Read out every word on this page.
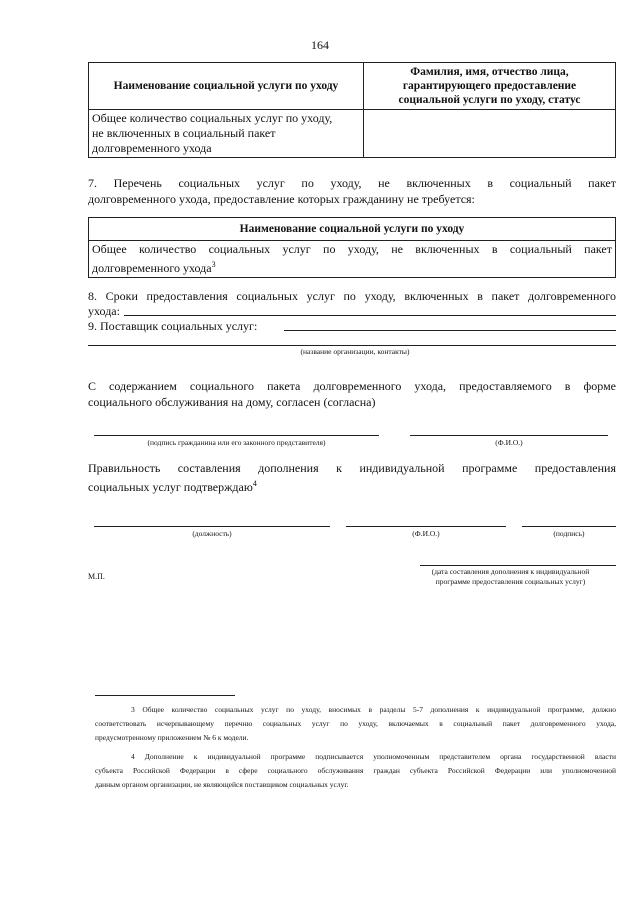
164
Наименование социальной услуги по уходу	Фамилия, имя, отчество лица,
гарантирующего предоставление
социальной услуги по уходу, статус
Общее количество социальных услуг по уходу,
не включенных в социальный пакет
долговременного ухода	
7. Перечень социальных услуг по уходу, не включенных в социальный пакет
долговременного ухода, предоставление которых гражданину не требуется:
Наименование социальной услуги по уходу

Общее количество социальных услуг по уходу, не включенных в социальный пакет
долговременного ухода$^3$
8. Сроки предоставления социальных услуг по уходу, включенных в пакет долговременного
ухода:
9. Поставщик социальных услуг:
(название организации, контакты)
С содержанием социального пакета долговременного ухода, предоставляемого в форме
социального обслуживания на дому, согласен (согласна)
(подпись гражданина или его законного представителя)	(Ф.И.О.)
Правильность составления дополнения к индивидуальной программе предоставления
социальных услуг подтверждаю$^4$
(должность)	(Ф.И.О.)	(подпись)
М.П.
(дата составления дополнения к индивидуальной
программе предоставления социальных услуг)
3 Общее количество социальных услуг по уходу, вносимых в разделы 5-7 дополнения к индивидуальной программе, должно
соответствовать исчерпывающему перечню социальных услуг по уходу, включаемых в социальный пакет долговременного ухода,
предусмотренному приложением № 6 к модели.
4 Дополнение к индивидуальной программе подписывается уполномоченным представителем органа государственной власти
субъекта Российской Федерации в сфере социального обслуживания граждан субъекта Российской Федерации или уполномоченной
данным органом организации, не являющейся поставщиком социальных услуг.
